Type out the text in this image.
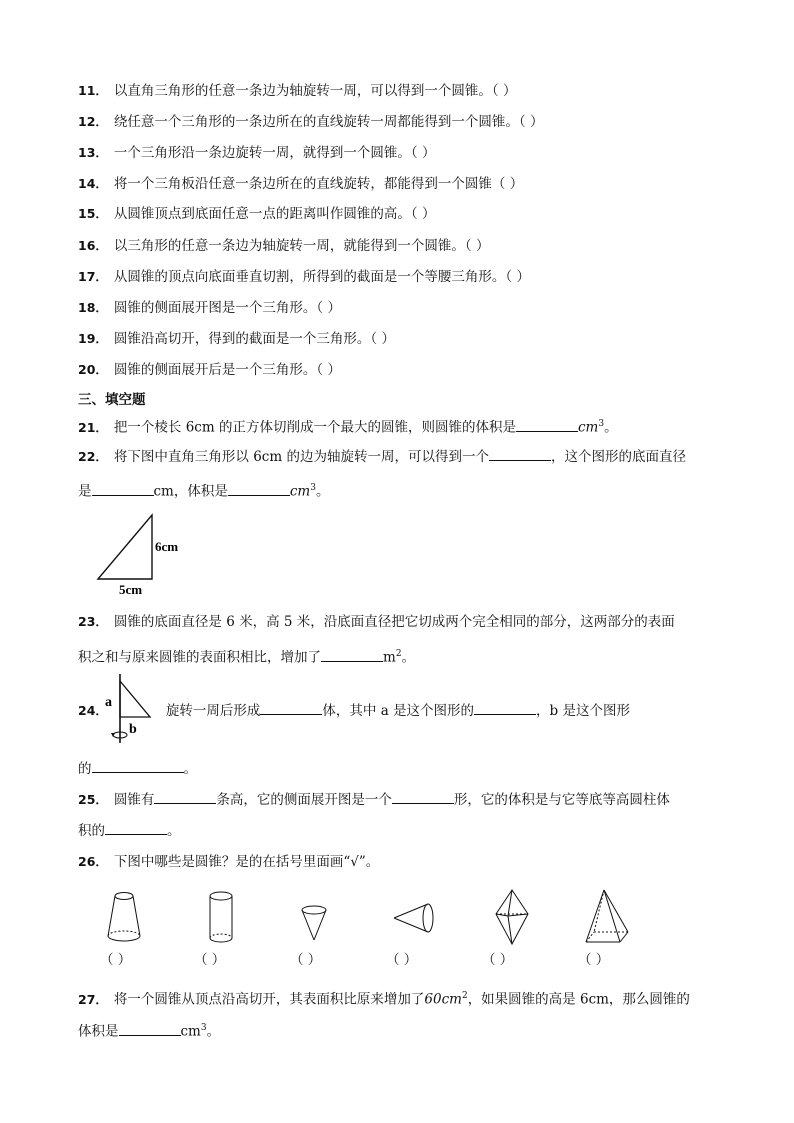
11． 以直角三角形的任意一条边为轴旋转一周，可以得到一个圆锥。（ ）
12． 绕任意一个三角形的一条边所在的直线旋转一周都能得到一个圆锥。（ ）
13． 一个三角形沿一条边旋转一周，就得到一个圆锥。（ ）
14． 将一个三角板沿任意一条边所在的直线旋转，都能得到一个圆锥（ ）
15． 从圆锥顶点到底面任意一点的距离叫作圆锥的高。（ ）
16． 以三角形的任意一条边为轴旋转一周，就能得到一个圆锥。（ ）
17． 从圆锥的顶点向底面垂直切割，所得到的截面是一个等腰三角形。（ ）
18． 圆锥的侧面展开图是一个三角形。（ ）
19． 圆锥沿高切开，得到的截面是一个三角形。（ ）
20． 圆锥的侧面展开后是一个三角形。（ ）
三、填空题
21． 把一个棱长 6cm 的正方体切削成一个最大的圆锥，则圆锥的体积是	$cm^3$。
22． 将下图中直角三角形以 6cm 的边为轴旋转一周，可以得到一个	，这个图形的底面直径
是	cm，体积是	$cm^3$。
6cm
5cm
23． 圆锥的底面直径是 6 米，高 5 米，沿底面直径把它切成两个完全相同的部分，这两部分的表面
积之和与原来圆锥的表面积相比，增加了	$m^2$。
a
b
24．	旋转一周后形成	体，其中 a 是这个图形的	，b 是这个图形
的	。
25． 圆锥有	条高，它的侧面展开图是一个	形，它的体积是与它等底等高圆柱体
积的	。
26． 下图中哪些是圆锥？是的在括号里面画“√”。
（ ）	（ ）	（ ）	（ ）	（ ）	（ ）
27． 将一个圆锥从顶点沿高切开，其表面积比原来增加了$60cm^2$，如果圆锥的高是 6cm，那么圆锥的
体积是	$cm^3$。
